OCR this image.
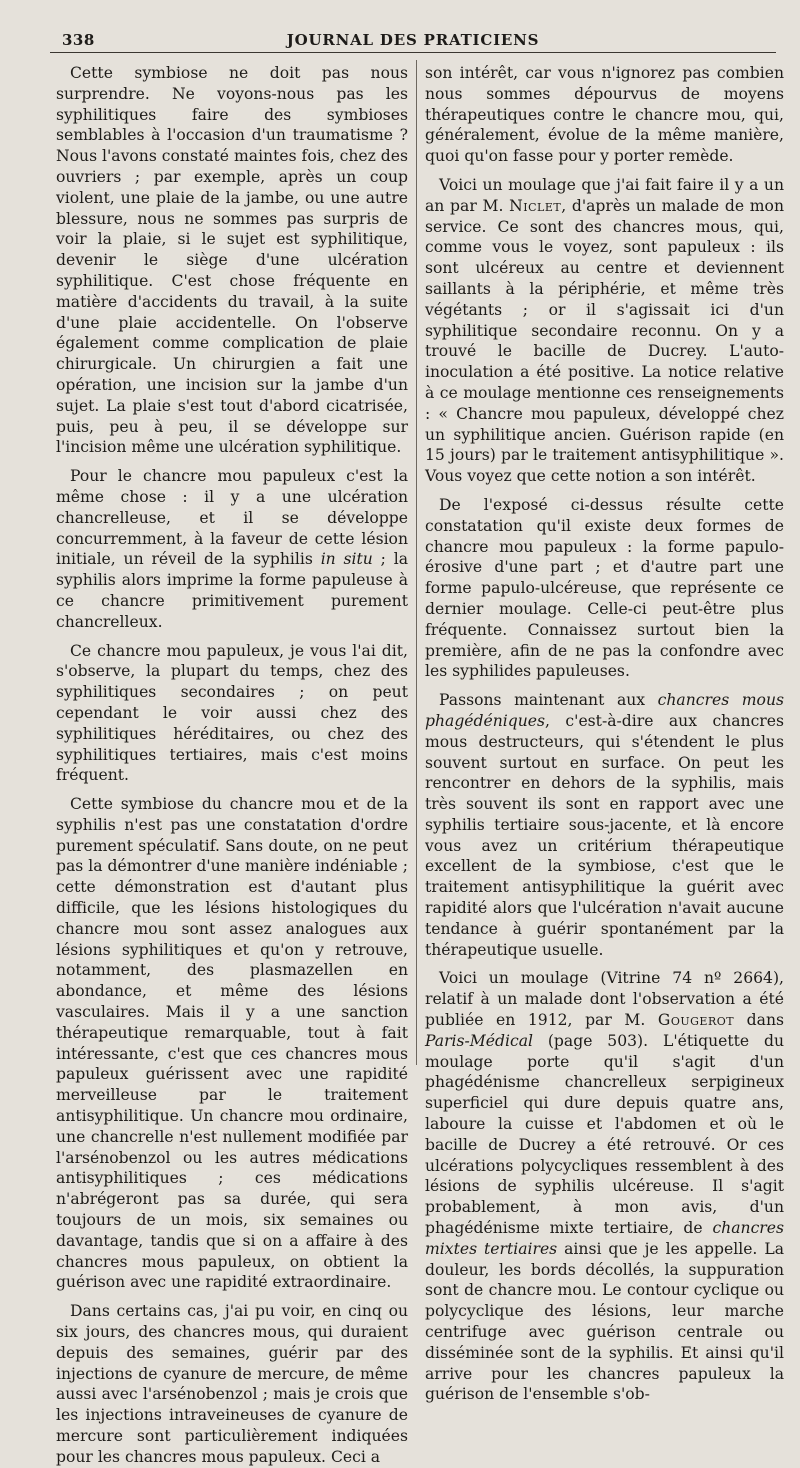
338	JOURNAL DES PRATICIENS

Cette symbiose ne doit pas nous surprendre. Ne voyons-nous pas les syphilitiques faire des symbioses semblables à l'occasion d'un traumatisme ? Nous l'avons constaté maintes fois, chez des ouvriers ; par exemple, après un coup violent, une plaie de la jambe, ou une autre blessure, nous ne sommes pas surpris de voir la plaie, si le sujet est syphilitique, devenir le siège d'une ulcération syphilitique. C'est chose fréquente en matière d'accidents du travail, à la suite d'une plaie accidentelle. On l'observe également comme complication de plaie chirurgicale. Un chirurgien a fait une opération, une incision sur la jambe d'un sujet. La plaie s'est tout d'abord cicatrisée, puis, peu à peu, il se développe sur l'incision même une ulcération syphilitique.

Pour le chancre mou papuleux c'est la même chose : il y a une ulcération chancrelleuse, et il se développe concurremment, à la faveur de cette lésion initiale, un réveil de la syphilis in situ ; la syphilis alors imprime la forme papuleuse à ce chancre primitivement purement chancrelleux.

Ce chancre mou papuleux, je vous l'ai dit, s'observe, la plupart du temps, chez des syphilitiques secondaires ; on peut cependant le voir aussi chez des syphilitiques héréditaires, ou chez des syphilitiques tertiaires, mais c'est moins fréquent.

Cette symbiose du chancre mou et de la syphilis n'est pas une constatation d'ordre purement spéculatif. Sans doute, on ne peut pas la démontrer d'une manière indéniable ; cette démonstration est d'autant plus difficile, que les lésions histologiques du chancre mou sont assez analogues aux lésions syphilitiques et qu'on y retrouve, notamment, des plasmazellen en abondance, et même des lésions vasculaires. Mais il y a une sanction thérapeutique remarquable, tout à fait intéressante, c'est que ces chancres mous papuleux guérissent avec une rapidité merveilleuse par le traitement antisyphilitique. Un chancre mou ordinaire, une chancrelle n'est nullement modifiée par l'arsénobenzol ou les autres médications antisyphilitiques ; ces médications n'abrégeront pas sa durée, qui sera toujours de un mois, six semaines ou davantage, tandis que si on a affaire à des chancres mous papuleux, on obtient la guérison avec une rapidité extraordinaire.

Dans certains cas, j'ai pu voir, en cinq ou six jours, des chancres mous, qui duraient depuis des semaines, guérir par des injections de cyanure de mercure, de même aussi avec l'arsénobenzol ; mais je crois que les injections intraveineuses de cyanure de mercure sont particulièrement indiquées pour les chancres mous papuleux. Ceci a

son intérêt, car vous n'ignorez pas combien nous sommes dépourvus de moyens thérapeutiques contre le chancre mou, qui, généralement, évolue de la même manière, quoi qu'on fasse pour y porter remède.

Voici un moulage que j'ai fait faire il y a un an par M. Niclet, d'après un malade de mon service. Ce sont des chancres mous, qui, comme vous le voyez, sont papuleux : ils sont ulcéreux au centre et deviennent saillants à la périphérie, et même très végétants ; or il s'agissait ici d'un syphilitique secondaire reconnu. On y a trouvé le bacille de Ducrey. L'auto-inoculation a été positive. La notice relative à ce moulage mentionne ces renseignements : « Chancre mou papuleux, développé chez un syphilitique ancien. Guérison rapide (en 15 jours) par le traitement antisyphilitique ». Vous voyez que cette notion a son intérêt.

De l'exposé ci-dessus résulte cette constatation qu'il existe deux formes de chancre mou papuleux : la forme papulo-érosive d'une part ; et d'autre part une forme papulo-ulcéreuse, que représente ce dernier moulage. Celle-ci peut-être plus fréquente. Connaissez surtout bien la première, afin de ne pas la confondre avec les syphilides papuleuses.

Passons maintenant aux chancres mous phagédéniques, c'est-à-dire aux chancres mous destructeurs, qui s'étendent le plus souvent surtout en surface. On peut les rencontrer en dehors de la syphilis, mais très souvent ils sont en rapport avec une syphilis tertiaire sous-jacente, et là encore vous avez un critérium thérapeutique excellent de la symbiose, c'est que le traitement antisyphilitique la guérit avec rapidité alors que l'ulcération n'avait aucune tendance à guérir spontanément par la thérapeutique usuelle.

Voici un moulage (Vitrine 74 nº 2664), relatif à un malade dont l'observation a été publiée en 1912, par M. Gougerot dans Paris-Médical (page 503). L'étiquette du moulage porte qu'il s'agit d'un phagédénisme chancrelleux serpigineux superficiel qui dure depuis quatre ans, laboure la cuisse et l'abdomen et où le bacille de Ducrey a été retrouvé. Or ces ulcérations polycycliques ressemblent à des lésions de syphilis ulcéreuse. Il s'agit probablement, à mon avis, d'un phagédénisme mixte tertiaire, de chancres mixtes tertiaires ainsi que je les appelle. La douleur, les bords décollés, la suppuration sont de chancre mou. Le contour cyclique ou polycyclique des lésions, leur marche centrifuge avec guérison centrale ou disséminée sont de la syphilis. Et ainsi qu'il arrive pour les chancres papuleux la guérison de l'ensemble s'ob-
